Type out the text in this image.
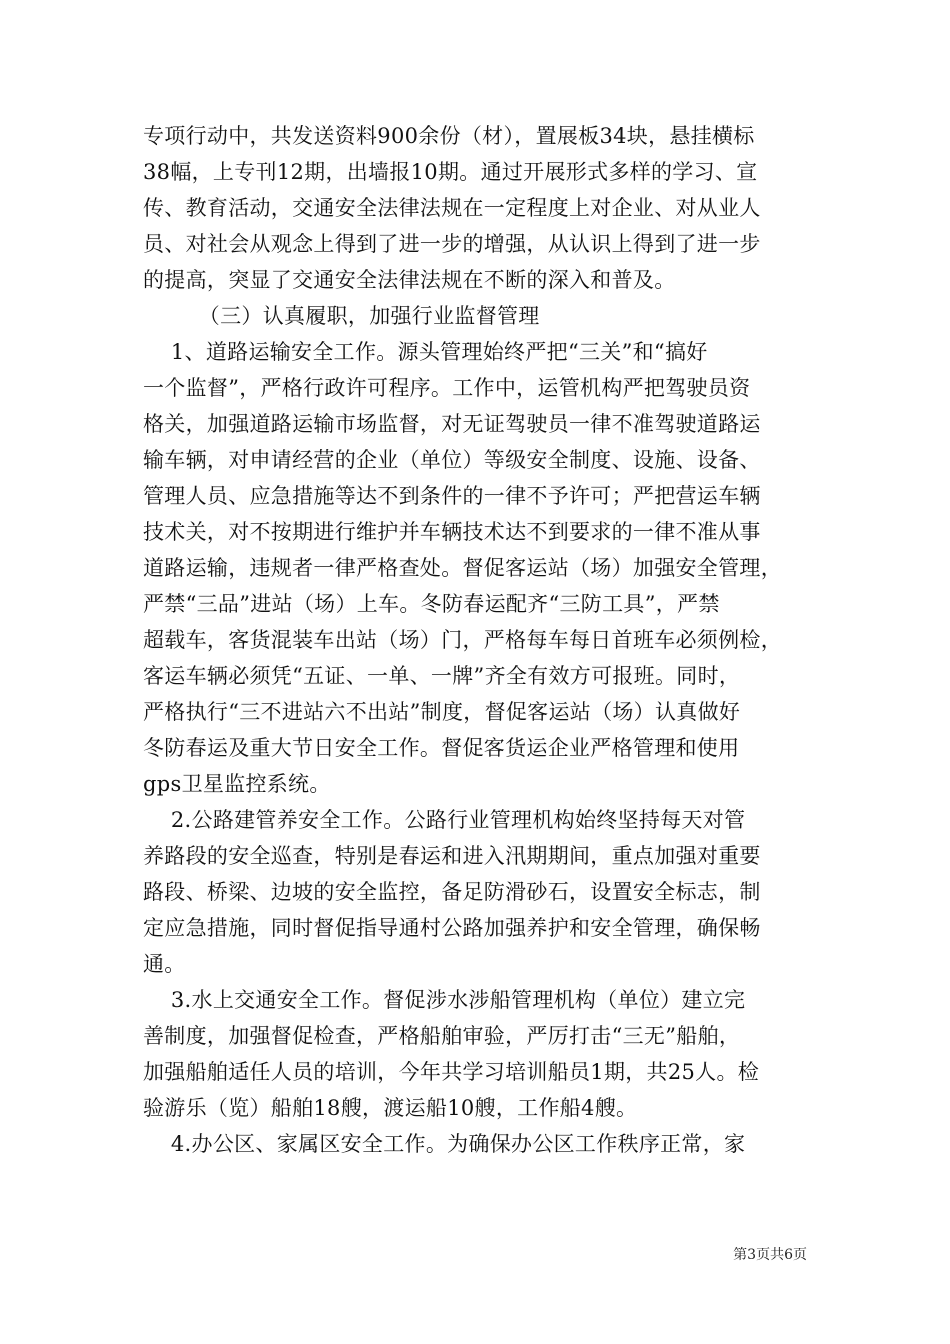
专项行动中，共发送资料900余份（材），置展板34块，悬挂横标
38幅，上专刊12期，出墙报10期。通过开展形式多样的学习、宣
传、教育活动，交通安全法律法规在一定程度上对企业、对从业人
员、对社会从观念上得到了进一步的增强，从认识上得到了进一步
的提高，突显了交通安全法律法规在不断的深入和普及。
（三）认真履职，加强行业监督管理
1、道路运输安全工作。源头管理始终严把“三关”和“搞好
一个监督”，严格行政许可程序。工作中，运管机构严把驾驶员资
格关，加强道路运输市场监督，对无证驾驶员一律不准驾驶道路运
输车辆，对申请经营的企业（单位）等级安全制度、设施、设备、
管理人员、应急措施等达不到条件的一律不予许可；严把营运车辆
技术关，对不按期进行维护并车辆技术达不到要求的一律不准从事
道路运输，违规者一律严格查处。督促客运站（场）加强安全管理，
严禁“三品”进站（场）上车。冬防春运配齐“三防工具”，严禁
超载车，客货混装车出站（场）门，严格每车每日首班车必须例检，
客运车辆必须凭“五证、一单、一牌”齐全有效方可报班。同时，
严格执行“三不进站六不出站”制度，督促客运站（场）认真做好
冬防春运及重大节日安全工作。督促客货运企业严格管理和使用
gps卫星监控系统。
2.公路建管养安全工作。公路行业管理机构始终坚持每天对管
养路段的安全巡查，特别是春运和进入汛期期间，重点加强对重要
路段、桥梁、边坡的安全监控，备足防滑砂石，设置安全标志，制
定应急措施，同时督促指导通村公路加强养护和安全管理，确保畅
通。
3.水上交通安全工作。督促涉水涉船管理机构（单位）建立完
善制度，加强督促检查，严格船舶审验，严厉打击“三无”船舶，
加强船舶适任人员的培训，今年共学习培训船员1期，共25人。检
验游乐（览）船舶18艘，渡运船10艘，工作船4艘。
4.办公区、家属区安全工作。为确保办公区工作秩序正常，家
第3页共6页
